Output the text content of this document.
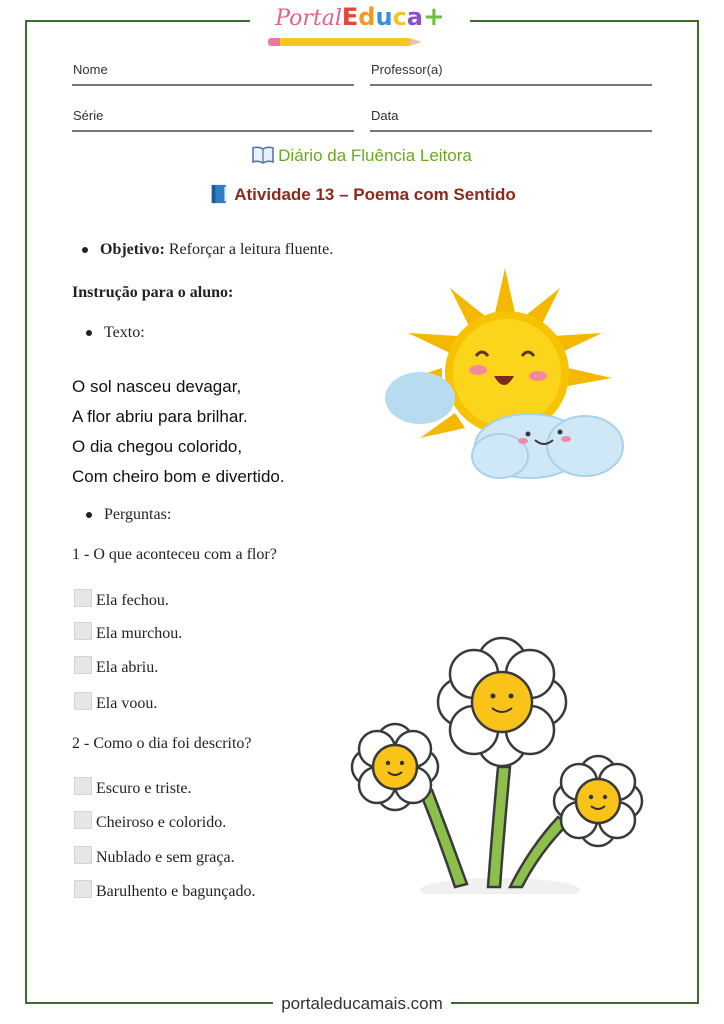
PortalEduca+
Nome	Professor(a)
Série	Data
Diário da Fluência Leitora
Atividade 13 – Poema com Sentido
Objetivo: Reforçar a leitura fluente.
Instrução para o aluno:
Texto:
O sol nasceu devagar,
A flor abriu para brilhar.
O dia chegou colorido,
Com cheiro bom e divertido.
Perguntas:
1 - O que aconteceu com a flor?
Ela fechou.
Ela murchou.
Ela abriu.
Ela voou.
2 - Como o dia foi descrito?
Escuro e triste.
Cheiroso e colorido.
Nublado e sem graça.
Barulhento e bagunçado.
portaleducamais.com
